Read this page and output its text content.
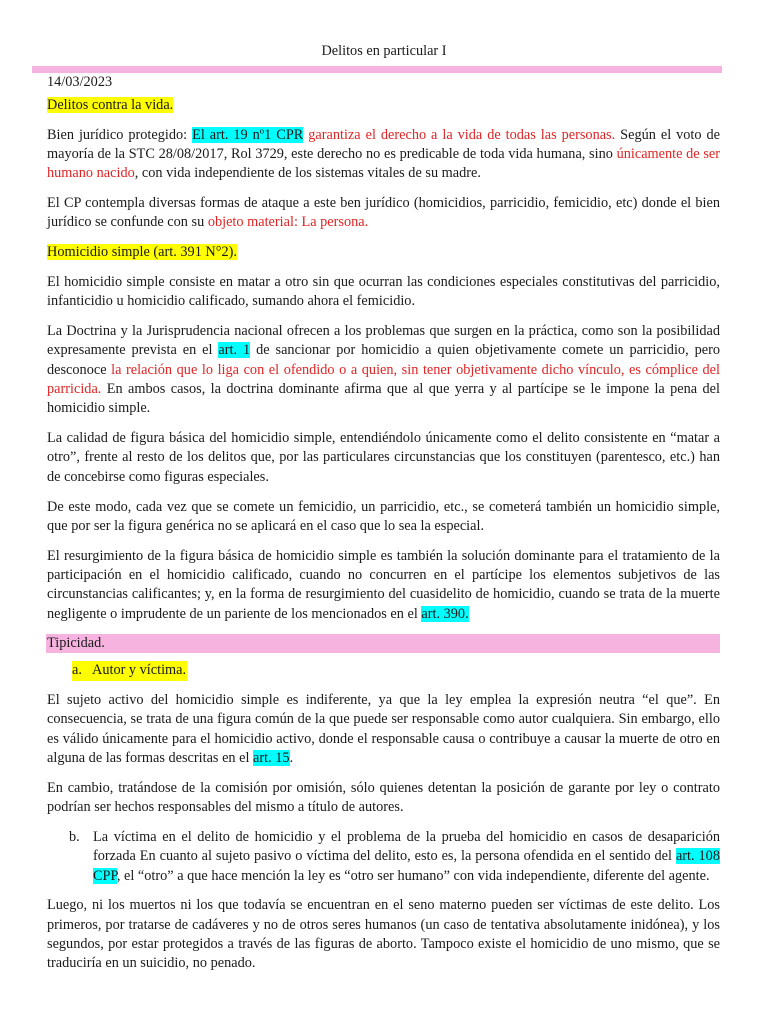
Delitos en particular I

14/03/2023

Delitos contra la vida.

Bien jurídico protegido: El art. 19 nº1 CPR garantiza el derecho a la vida de todas las personas. Según el voto de mayoría de la STC 28/08/2017, Rol 3729, este derecho no es predicable de toda vida humana, sino únicamente de ser humano nacido, con vida independiente de los sistemas vitales de su madre.

El CP contempla diversas formas de ataque a este ben jurídico (homicidios, parricidio, femicidio, etc) donde el bien jurídico se confunde con su objeto material: La persona.

Homicidio simple (art. 391 N°2).

El homicidio simple consiste en matar a otro sin que ocurran las condiciones especiales constitutivas del parricidio, infanticidio u homicidio calificado, sumando ahora el femicidio.

La Doctrina y la Jurisprudencia nacional ofrecen a los problemas que surgen en la práctica, como son la posibilidad expresamente prevista en el art. 1 de sancionar por homicidio a quien objetivamente comete un parricidio, pero desconoce la relación que lo liga con el ofendido o a quien, sin tener objetivamente dicho vínculo, es cómplice del parricida. En ambos casos, la doctrina dominante afirma que al que yerra y al partícipe se le impone la pena del homicidio simple.

La calidad de figura básica del homicidio simple, entendiéndolo únicamente como el delito consistente en “matar a otro”, frente al resto de los delitos que, por las particulares circunstancias que los constituyen (parentesco, etc.) han de concebirse como figuras especiales.

De este modo, cada vez que se comete un femicidio, un parricidio, etc., se cometerá también un homicidio simple, que por ser la figura genérica no se aplicará en el caso que lo sea la especial.

El resurgimiento de la figura básica de homicidio simple es también la solución dominante para el tratamiento de la participación en el homicidio calificado, cuando no concurren en el partícipe los elementos subjetivos de las circunstancias calificantes; y, en la forma de resurgimiento del cuasidelito de homicidio, cuando se trata de la muerte negligente o imprudente de un pariente de los mencionados en el art. 390.

Tipicidad.

a. Autor y víctima.

El sujeto activo del homicidio simple es indiferente, ya que la ley emplea la expresión neutra “el que”. En consecuencia, se trata de una figura común de la que puede ser responsable como autor cualquiera. Sin embargo, ello es válido únicamente para el homicidio activo, donde el responsable causa o contribuye a causar la muerte de otro en alguna de las formas descritas en el art. 15.

En cambio, tratándose de la comisión por omisión, sólo quienes detentan la posición de garante por ley o contrato podrían ser hechos responsables del mismo a título de autores.

b. La víctima en el delito de homicidio y el problema de la prueba del homicidio en casos de desaparición forzada En cuanto al sujeto pasivo o víctima del delito, esto es, la persona ofendida en el sentido del art. 108 CPP, el “otro” a que hace mención la ley es “otro ser humano” con vida independiente, diferente del agente.

Luego, ni los muertos ni los que todavía se encuentran en el seno materno pueden ser víctimas de este delito. Los primeros, por tratarse de cadáveres y no de otros seres humanos (un caso de tentativa absolutamente inidónea), y los segundos, por estar protegidos a través de las figuras de aborto. Tampoco existe el homicidio de uno mismo, que se traduciría en un suicidio, no penado.
